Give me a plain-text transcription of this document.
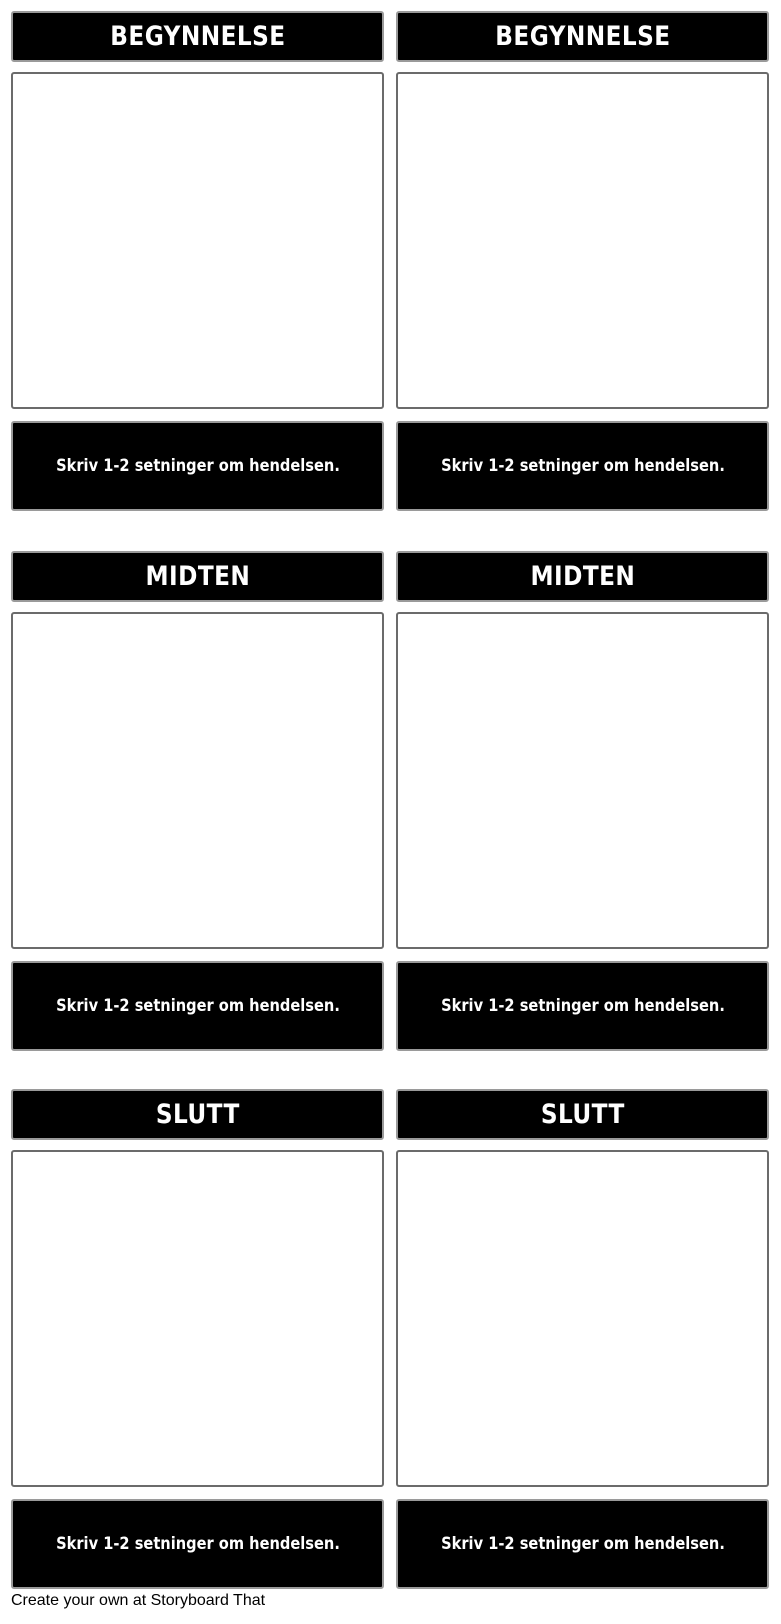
BEGYNNELSE
Skriv 1-2 setninger om hendelsen.
BEGYNNELSE
Skriv 1-2 setninger om hendelsen.
MIDTEN
Skriv 1-2 setninger om hendelsen.
MIDTEN
Skriv 1-2 setninger om hendelsen.
SLUTT
Skriv 1-2 setninger om hendelsen.
SLUTT
Skriv 1-2 setninger om hendelsen.
Create your own at Storyboard That
